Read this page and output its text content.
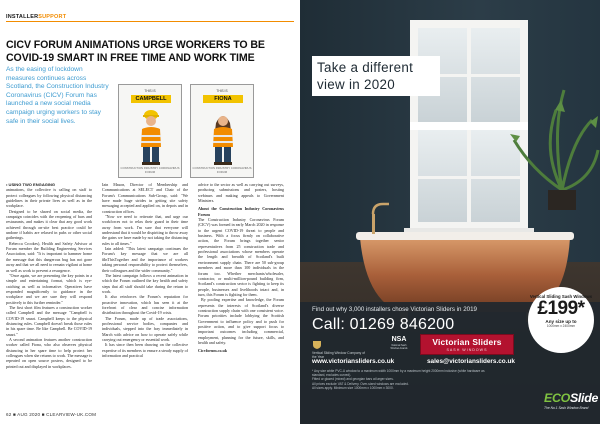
INSTALLERSUPPORT
CICV FORUM ANIMATIONS URGE WORKERS TO BE COVID-19 SMART IN FREE TIME AND WORK TIME
As the easing of lockdown measures continues across Scotland, the Construction Industry Coronavirus (CICV) Forum has launched a new social media campaign urging workers to stay safe in their social lives.
THIS IS
CAMPBELL
CONSTRUCTION INDUSTRY CORONAVIRUS FORUM
THIS IS
FIONA
CONSTRUCTION INDUSTRY CORONAVIRUS FORUM

• USING TWO ENGAGING

animations, the collective is calling on staff to protect colleagues by following physical distancing guidelines in their private lives as well as in the workplace.

Designed to be shared on social media, the campaign coincides with the reopening of bars and restaurants, and makes it clear that any good work achieved through on-site best practice could be undone if habits are relaxed in pubs or other social gatherings.

Rebecca Crookes), Health and Safety Advisor at Forum member the Building Engineering Services Association, said: "It is important to hammer home the message that this dangerous bug has not gone away and that we all need to remain vigilant at home as well as work to prevent a resurgence.

"Once again, we are presenting the key points in a simple and entertaining format, which is eye-catching as well as informative. Operatives have responded magnificently to guidance in the workplace and we are sure they will respond positively to this further reminder."

The first short film features a construction worker called Campbell and the message "Campbell is COVID-19 smart. Campbell keeps to the physical distancing rules. Campbell doesn't break those rules in his spare time. Be like Campbell. Be COVID-19 smart."

A second animation features another construction worker called Fiona, who also observes physical distancing in her spare time to help protect her colleagues when she returns to work. The message is repeated on open source posters, designed to be printed out and displayed in workplaces.

Iain Mason, Director of Membership and Communications at SELECT and Chair of the Forum's Communications Sub-Group, said: "We have made huge strides in getting site safety messaging accepted and applied on, in depots and in construction offices.

"Now we need to reiterate that, and urge our workforces not to relax their guard in their time away from work. I'm sure that everyone will understand that it would be dispiriting to throw away the gains we have made by not taking the distancing rules to all times."

Iain added: "This latest campaign continues the Forum's key message that we are all #InThisTogether and the importance of workers taking personal responsibility to protect themselves, their colleagues and the wider community."

The latest campaign follows a recent animation in which the Forum outlined the key health and safety steps that all staff should take during the return to work.

It also reinforces the Forum's reputation for proactive innovation, which has seen it at the forefront of clear and concise information distribution throughout the Covid-19 crisis.

The Forum, made up of trade associations, professional service bodies, companies and individuals, stepped into the fray immediately in March with advice on how to operate safely while carrying out emergency or essential work.

It has since then been drawing on the collective expertise of its members to ensure a steady supply of information and practical

advice to the sector as well as carrying out surveys, producing submissions and posters, hosting webinars and making appeals to Government Ministers.

About the Construction Industry Coronavirus Forum

The Construction Industry Coronavirus Forum (CICV) was formed in early March 2020 in response to the urgent COVID-19 threat to people and business. With a focus firmly on collaborative action, the Forum brings together senior representatives from 25 construction trade and professional associations whose members operate the length and breadth of Scotland's built environment supply chain. There are 50 sub-group members and more than 100 individuals in the forum too. Whether merchants/wholesaler, contractor, or multi-million-pound building firm, Scotland's construction sector is fighting to keep its people, businesses and livelihoods intact and, in turn, this Forum is fighting for them.

By pooling expertise and knowledge, the Forum represents the interests of Scotland's diverse construction supply chain with one consistent voice. Forum priorities include lobbying the Scottish Government to influence policy and to push for positive action, and to give support focus to important outcomes including commercial, employment, planning for the future, skills, and health and safety.

Cicvforum.co.uk

62 ■ AUG 2020 ■ CLEARVIEW-UK.COM
Take a different
view in 2020
Find out why 3,000 installers chose Victorian Sliders in 2019
Call: 01269 846200
Vertical Sliding Window Company of the Year
NSA
National Sash Window Awards
Victorian Sliders
SASH WINDOWS
www.victoriansliders.co.uk	sales@victoriansliders.co.uk
* Any size white PVC-U window to a maximum width 1000mm by a maximum height 2000mm inclusive (white hardware as standard, excludes curved).
Fitted or glazed (mixed) and georgian bars at larger sizes.
All prices exclude VAT & Delivery. Over-sized windows are excluded.
All sizes apply. Minimum size 1000mm x 1000mm x 3000.
Vertical Sliding Sash Windows
£199*
Any size up to
1000mm x 2400mm
ECOSlide
The No.1 Sash Window Brand
